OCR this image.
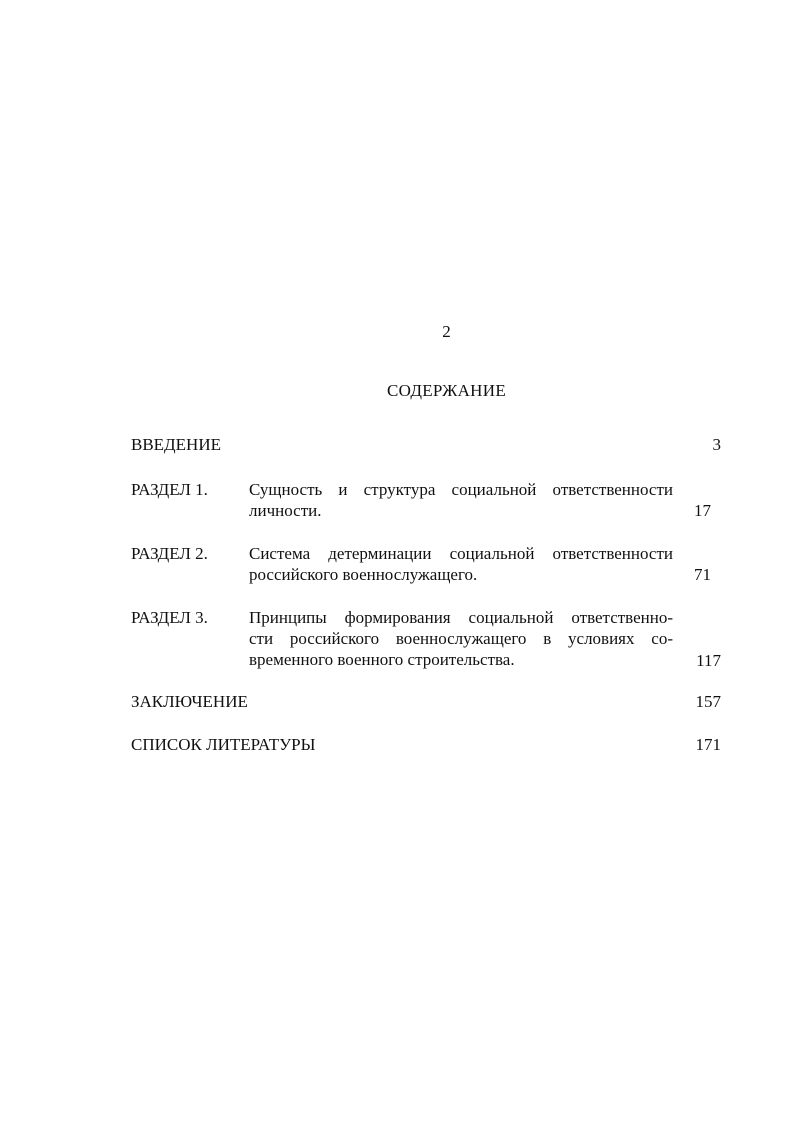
2
СОДЕРЖАНИЕ
ВВЕДЕНИЕ	3
РАЗДЕЛ 1. Сущность и структура социальной ответственности
личности.	17
РАЗДЕЛ 2. Система детерминации социальной ответственности
российского военнослужащего.	71
РАЗДЕЛ 3. Принципы формирования социальной ответственно-
сти российского военнослужащего в условиях со-
временного военного строительства.	117
ЗАКЛЮЧЕНИЕ	157
СПИСОК ЛИТЕРАТУРЫ	171
